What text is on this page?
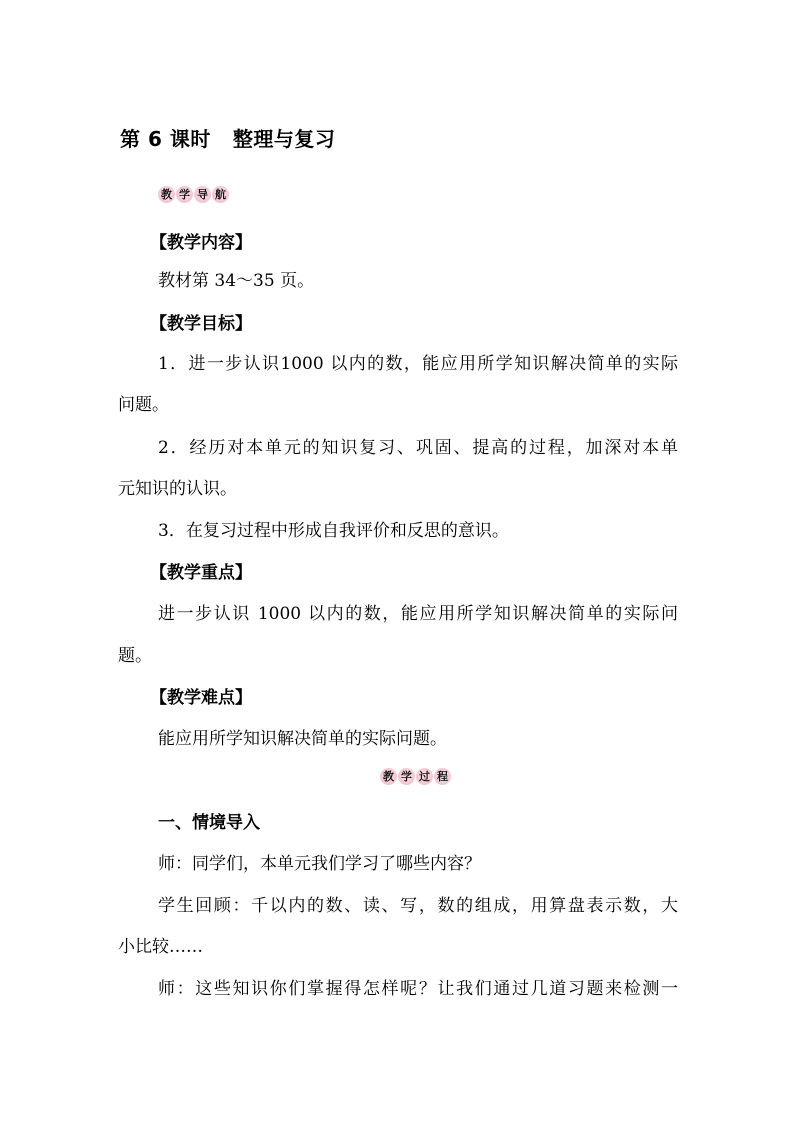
第 6 课时 整理与复习
教 学 导 航
【教学内容】
教材第 34～35 页。
【教学目标】
1．进一步认识1000 以内的数，能应用所学知识解决简单的实际
问题。
2．经历对本单元的知识复习、巩固、提高的过程，加深对本单
元知识的认识。
3．在复习过程中形成自我评价和反思的意识。
【教学重点】
进一步认识 1000 以内的数，能应用所学知识解决简单的实际问
题。
【教学难点】
能应用所学知识解决简单的实际问题。
教 学 过 程
一、情境导入
师：同学们，本单元我们学习了哪些内容？
学生回顾：千以内的数、读、写，数的组成，用算盘表示数，大
小比较……
师：这些知识你们掌握得怎样呢？让我们通过几道习题来检测一
